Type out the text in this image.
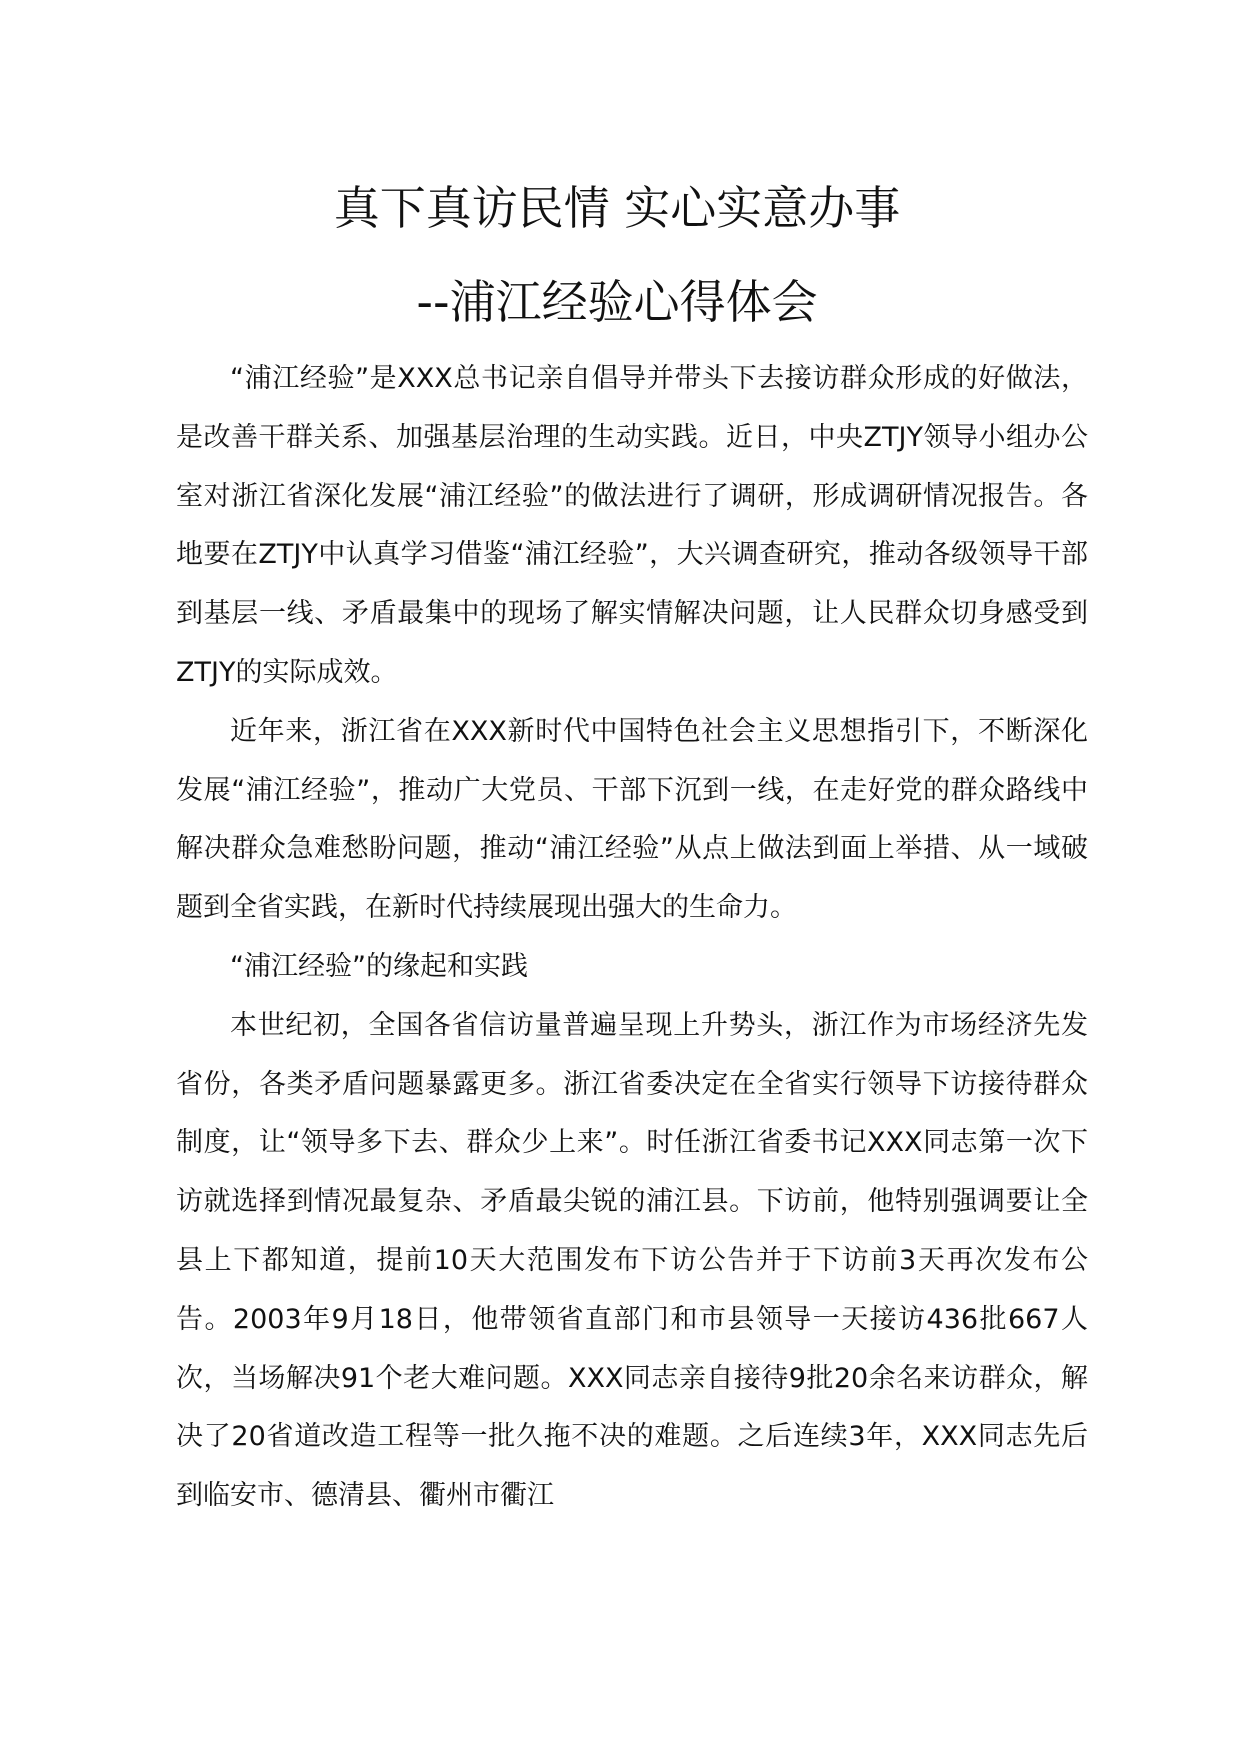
真下真访民情 实心实意办事
--浦江经验心得体会

“浦江经验”是XXX总书记亲自倡导并带头下去接访群众形成的好做法，是改善干群关系、加强基层治理的生动实践。近日，中央ZTJY领导小组办公室对浙江省深化发展“浦江经验”的做法进行了调研，形成调研情况报告。各地要在ZTJY中认真学习借鉴“浦江经验”，大兴调查研究，推动各级领导干部到基层一线、矛盾最集中的现场了解实情解决问题，让人民群众切身感受到ZTJY的实际成效。

近年来，浙江省在XXX新时代中国特色社会主义思想指引下，不断深化发展“浦江经验”，推动广大党员、干部下沉到一线，在走好党的群众路线中解决群众急难愁盼问题，推动“浦江经验”从点上做法到面上举措、从一域破题到全省实践，在新时代持续展现出强大的生命力。

“浦江经验”的缘起和实践

本世纪初，全国各省信访量普遍呈现上升势头，浙江作为市场经济先发省份，各类矛盾问题暴露更多。浙江省委决定在全省实行领导下访接待群众制度，让“领导多下去、群众少上来”。时任浙江省委书记XXX同志第一次下访就选择到情况最复杂、矛盾最尖锐的浦江县。下访前，他特别强调要让全县上下都知道，提前10天大范围发布下访公告并于下访前3天再次发布公告。2003年9月18日，他带领省直部门和市县领导一天接访436批667人次，当场解决91个老大难问题。XXX同志亲自接待9批20余名来访群众，解决了20省道改造工程等一批久拖不决的难题。之后连续3年，XXX同志先后到临安市、德清县、衢州市衢江
